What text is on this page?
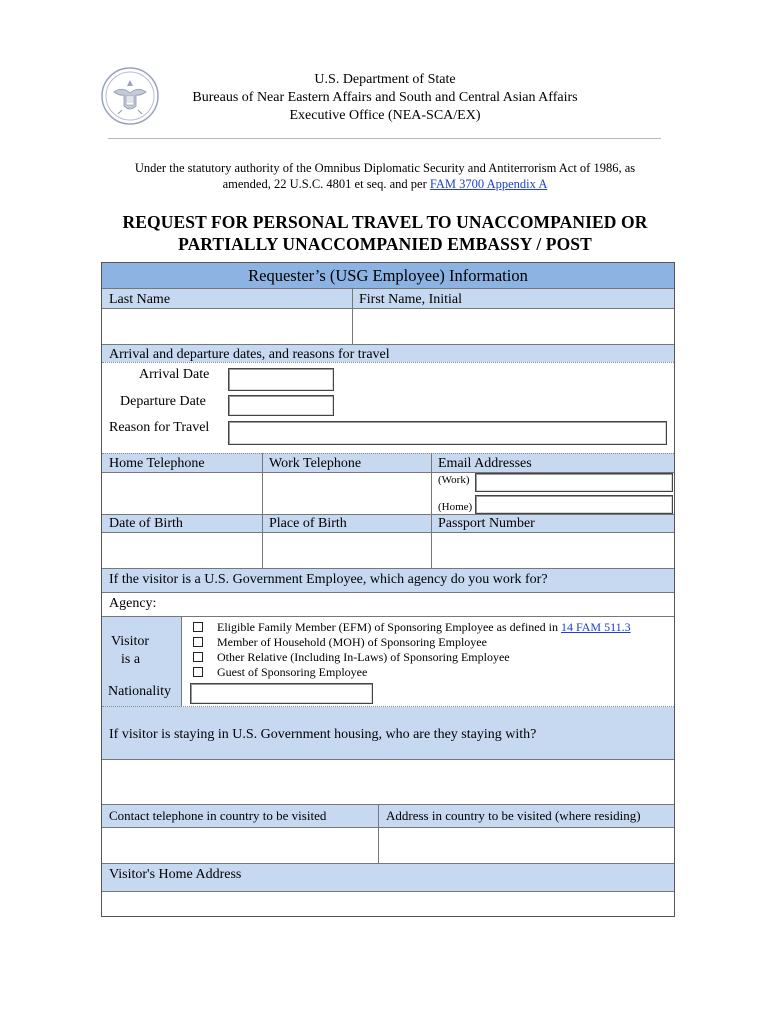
U.S. Department of State
Bureaus of Near Eastern Affairs and South and Central Asian Affairs
Executive Office (NEA-SCA/EX)
Under the statutory authority of the Omnibus Diplomatic Security and Antiterrorism Act of 1986, as
amended, 22 U.S.C. 4801 et seq. and per FAM 3700 Appendix A
REQUEST FOR PERSONAL TRAVEL TO UNACCOMPANIED OR
PARTIALLY UNACCOMPANIED EMBASSY / POST
Requester’s (USG Employee) Information
Last Name	First Name, Initial
Arrival and departure dates, and reasons for travel
Arrival Date
Departure Date
Reason for Travel
Home Telephone	Work Telephone	Email Addresses
(Work)
(Home)
Date of Birth	Place of Birth	Passport Number
If the visitor is a U.S. Government Employee, which agency do you work for?
Agency:
Visitor
is a
Nationality
Eligible Family Member (EFM) of Sponsoring Employee as defined in 14 FAM 511.3
Member of Household (MOH) of Sponsoring Employee
Other Relative (Including In-Laws) of Sponsoring Employee
Guest of Sponsoring Employee
If visitor is staying in U.S. Government housing, who are they staying with?
Contact telephone in country to be visited	Address in country to be visited (where residing)
Visitor's Home Address
